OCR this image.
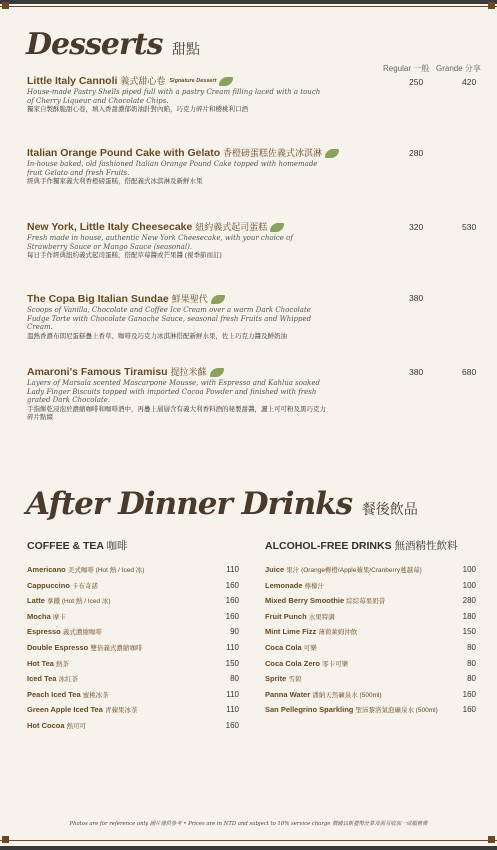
Desserts 甜點
Regular 一般 Grande 分享
Little Italy Cannoli 義式甜心卷 Signature Dessert
House-made Pastry Shells piped full with a pastry Cream filling laced with a touch of Cherry Liqueur and Chocolate Chips.
獨家自製酥脆甜心卷，填入香甜濃郁奶油針對內餡，巧克力碎片和櫻桃利口酒
250	420
Italian Orange Pound Cake with Gelato 香橙磅蛋糕佐義式冰淇淋
In-house baked, old fashioned Italian Orange Pound Cake topped with homemade fruit Gelato and fresh Fruits.
經典手作獨家義大利香橙磅蛋糕，搭配義式冰淇淋及新鮮水果
280
New York, Little Italy Cheesecake 紐約義式起司蛋糕
Fresh made in house, authentic New York Cheesecake, with your choice of Strawberry Sauce or Mango Sauce (seasonal).
每日手作經典紐約義式起司蛋糕，搭配草莓醬或芒果醬 (視季節而訂)
320	530
The Copa Big Italian Sundae 鮮果聖代
Scoops of Vanilla, Chocolate and Coffee Ice Cream over a warm Dark Chocolate Fudge Torte with Chocolate Ganache Sauce, seasonal fresh Fruits and Whipped Cream.
溫熱香濃布朗尼蛋糕疊上香草、咖啡及巧克力冰淇淋搭配新鮮水果，佐上巧克力醬及鮮奶油
380
Amaroni's Famous Tiramisu 提拉米蘇
Layers of Marsala scented Mascarpone Mousse, with Espresso and Kahlua soaked Lady Finger Biscuits topped with imported Cocoa Powder and finished with fresh grated Dark Chocolate.
手指餅乾浸泡於濃縮咖啡和咖啡酒中，再疊上層層含有義大利香料酒的秘製甜醬，灑上可可粉及黑巧克力碎片點綴
380	680
After Dinner Drinks 餐後飲品
COFFEE & TEA 咖啡
Americano 美式咖啡 (Hot 熱 / Iced 冰)	110
Cappuccino 卡布奇諾	160
Latte 拿鐵 (Hot 熱 / Iced 冰)	160
Mocha 摩卡	160
Espresso 義式濃縮咖啡	90
Double Espresso 雙倍義式濃縮咖啡	110
Hot Tea 熱茶	150
Iced Tea 冰紅茶	80
Peach Iced Tea 蜜桃冰茶	110
Green Apple Iced Tea 青蘋果冰茶	110
Hot Cocoa 熱可可	160
ALCOHOL-FREE DRINKS 無酒精性飲料
Juice 果汁 (Orange柳橙/Apple蘋果/Cranberry蔓越莓)	100
Lemonade 檸檬汁	100
Mixed Berry Smoothie 綜綜莓果奶昔	280
Fruit Punch 水果特調	180
Mint Lime Fizz 薄荷萊姆沖飲	150
Coca Cola 可樂	80
Coca Cola Zero 零卡可樂	80
Sprite 雪碧	80
Panna Water 潘納天然礦泉水 (500ml)	160
San Pellegrino Sparkling 聖沛黎洛氣泡礦泉水 (500ml)	160
Photos are for reference only 圖片僅供參考 • Prices are in NTD and subject to 10% service charge 價錢以新臺幣計算及需另收加一成服務費
